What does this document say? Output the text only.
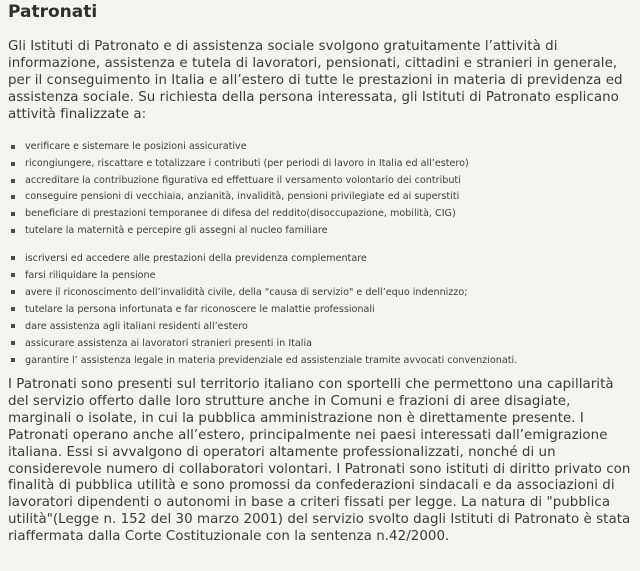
Patronati
Gli Istituti di Patronato e di assistenza sociale svolgono gratuitamente l’attività di informazione, assistenza e tutela di lavoratori, pensionati, cittadini e stranieri in generale, per il conseguimento in Italia e all’estero di tutte le prestazioni in materia di previdenza ed assistenza sociale. Su richiesta della persona interessata, gli Istituti di Patronato esplicano attività finalizzate a:
verificare e sistemare le posizioni assicurative
ricongiungere, riscattare e totalizzare i contributi (per periodi di lavoro in Italia ed all’estero)
accreditare la contribuzione figurativa ed effettuare il versamento volontario dei contributi
conseguire pensioni di vecchiaia, anzianità, invalidità, pensioni privilegiate ed ai superstiti
beneficiare di prestazioni temporanee di difesa del reddito(disoccupazione, mobilità, CIG)
tutelare la maternità e percepire gli assegni al nucleo familiare
iscriversi ed accedere alle prestazioni della previdenza complementare
farsi riliquidare la pensione
avere il riconoscimento dell’invalidità civile, della "causa di servizio" e dell’equo indennizzo;
tutelare la persona infortunata e far riconoscere le malattie professionali
dare assistenza agli italiani residenti all’estero
assicurare assistenza ai lavoratori stranieri presenti in Italia
garantire l’ assistenza legale in materia previdenziale ed assistenziale tramite avvocati convenzionati.
I Patronati sono presenti sul territorio italiano con sportelli che permettono una capillarità del servizio offerto dalle loro strutture anche in Comuni e frazioni di aree disagiate, marginali o isolate, in cui la pubblica amministrazione non è direttamente presente. I Patronati operano anche all’estero, principalmente nei paesi interessati dall’emigrazione italiana. Essi si avvalgono di operatori altamente professionalizzati, nonché di un considerevole numero di collaboratori volontari. I Patronati sono istituti di diritto privato con finalità di pubblica utilità e sono promossi da confederazioni sindacali e da associazioni di lavoratori dipendenti o autonomi in base a criteri fissati per legge. La natura di "pubblica utilità"(Legge n. 152 del 30 marzo 2001) del servizio svolto dagli Istituti di Patronato è stata riaffermata dalla Corte Costituzionale con la sentenza n.42/2000.
